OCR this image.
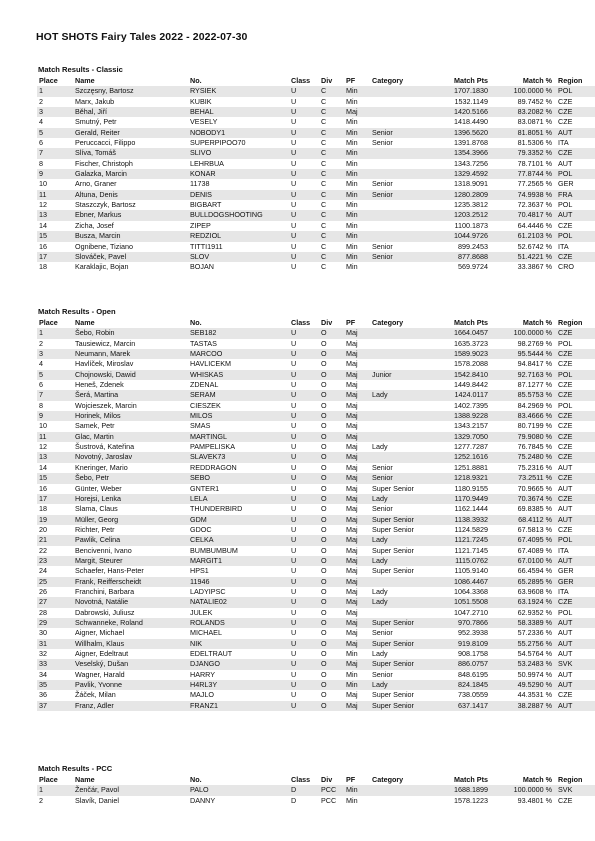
HOT SHOTS Fairy Tales 2022 - 2022-07-30
Match Results - Classic
Place	Name	No.	Class	Div	PF	Category	Match Pts	Match %	Region
1	Szczęsny, Bartosz	RYSIEK	U	C	Min		1707.1830	100.0000 %	POL
2	Marx, Jakub	KUBIK	U	C	Min		1532.1149	89.7452 %	CZE
3	Běhal, Jiří	BEHAL	U	C	Maj		1420.5166	83.2082 %	CZE
4	Smutný, Petr	VESELY	U	C	Min		1418.4490	83.0871 %	CZE
5	Gerald, Reiter	NOBODY1	U	C	Min	Senior	1396.5620	81.8051 %	AUT
6	Peruccacci, Filippo	SUPERPIPOO70	U	C	Min	Senior	1391.8768	81.5306 %	ITA
7	Slíva, Tomáš	SLIVO	U	C	Min		1354.3966	79.3352 %	CZE
8	Fischer, Christoph	LEHRBUA	U	C	Min		1343.7256	78.7101 %	AUT
9	Galazka, Marcin	KONAR	U	C	Min		1329.4592	77.8744 %	POL
10	Arno, Graner	11738	U	C	Min	Senior	1318.9091	77.2565 %	GER
11	Altuna, Denis	DENIS	U	C	Min	Senior	1280.2809	74.9938 %	FRA
12	Staszczyk, Bartosz	BIGBART	U	C	Min		1235.3812	72.3637 %	POL
13	Ebner, Markus	BULLDOGSHOOTING	U	C	Min		1203.2512	70.4817 %	AUT
14	Zicha, Josef	ZIPEP	U	C	Min		1100.1873	64.4446 %	CZE
15	Busza, Marcin	REDZIOL	U	C	Min		1044.9726	61.2103 %	POL
16	Ognibene, Tiziano	TITTI1911	U	C	Min	Senior	899.2453	52.6742 %	ITA
17	Slováček, Pavel	SLOV	U	C	Min	Senior	877.8688	51.4221 %	CZE
18	Karaklajic, Bojan	BOJAN	U	C	Min		569.9724	33.3867 %	CRO
Match Results - Open
Place	Name	No.	Class	Div	PF	Category	Match Pts	Match %	Region
1	Šebo, Robin	SEB182	U	O	Maj		1664.0457	100.0000 %	CZE
2	Tausiewicz, Marcin	TASTAS	U	O	Maj		1635.3723	98.2769 %	POL
3	Neumann, Marek	MARCOO	U	O	Maj		1589.9023	95.5444 %	CZE
4	Havlíček, Miroslav	HAVLICEKM	U	O	Maj		1578.2088	94.8417 %	CZE
5	Chojnowski, Dawid	WHISKAS	U	O	Maj	Junior	1542.8410	92.7163 %	POL
6	Heneš, Zdenek	ZDENAL	U	O	Maj		1449.8442	87.1277 %	CZE
7	Šerá, Martina	SERAM	U	O	Maj	Lady	1424.0117	85.5753 %	CZE
8	Wojcieszek, Marcin	CIESZEK	U	O	Maj		1402.7395	84.2969 %	POL
9	Horinek, Milos	MILOS	U	O	Maj		1388.9228	83.4666 %	CZE
10	Samek, Petr	SMAS	U	O	Maj		1343.2157	80.7199 %	CZE
11	Glac, Martin	MARTINGL	U	O	Maj		1329.7050	79.9080 %	CZE
12	Šustrová, Kateřina	PAMPELISKA	U	O	Maj	Lady	1277.7287	76.7845 %	CZE
13	Novotný, Jaroslav	SLAVEK73	U	O	Maj		1252.1616	75.2480 %	CZE
14	Kneringer, Mario	REDDRAGON	U	O	Maj	Senior	1251.8881	75.2316 %	AUT
15	Šebo, Petr	SEBO	U	O	Maj	Senior	1218.9321	73.2511 %	CZE
16	Günter, Weber	GNTER1	U	O	Maj	Super Senior	1180.9155	70.9665 %	AUT
17	Horejsi, Lenka	LELA	U	O	Maj	Lady	1170.9449	70.3674 %	CZE
18	Slama, Claus	THUNDERBIRD	U	O	Maj	Senior	1162.1444	69.8385 %	AUT
19	Müller, Georg	GDM	U	O	Maj	Super Senior	1138.3932	68.4112 %	AUT
20	Richter, Petr	GDOC	U	O	Maj	Super Senior	1124.5829	67.5813 %	CZE
21	Pawlik, Celina	CELKA	U	O	Maj	Lady	1121.7245	67.4095 %	POL
22	Bencivenni, Ivano	BUMBUMBUM	U	O	Maj	Super Senior	1121.7145	67.4089 %	ITA
23	Margit, Steurer	MARGIT1	U	O	Maj	Lady	1115.0762	67.0100 %	AUT
24	Schaefer, Hans-Peter	HPS1	U	O	Maj	Super Senior	1105.9140	66.4594 %	GER
25	Frank, Reifferscheidt	11946	U	O	Maj		1086.4467	65.2895 %	GER
26	Franchini, Barbara	LADYIPSC	U	O	Maj	Lady	1064.3368	63.9608 %	ITA
27	Novotná, Natálie	NATALIE02	U	O	Maj	Lady	1051.5508	63.1924 %	CZE
28	Dabrowski, Juliusz	JULEK	U	O	Maj		1047.2710	62.9352 %	POL
29	Schwanneke, Roland	ROLANDS	U	O	Maj	Super Senior	970.7866	58.3389 %	AUT
30	Aigner, Michael	MICHAEL	U	O	Maj	Senior	952.3938	57.2336 %	AUT
31	Willhalm, Klaus	NIK	U	O	Maj	Super Senior	919.8109	55.2756 %	AUT
32	Aigner, Edeltraut	EDELTRAUT	U	O	Min	Lady	908.1758	54.5764 %	AUT
33	Veselský, Dušan	DJANGO	U	O	Maj	Super Senior	886.0757	53.2483 %	SVK
34	Wagner, Harald	HARRY	U	O	Min	Senior	848.6195	50.9974 %	AUT
35	Pavlik, Yvonne	H4RL3Y	U	O	Min	Lady	824.1845	49.5290 %	AUT
36	Žáček, Milan	MAJLO	U	O	Maj	Super Senior	738.0559	44.3531 %	CZE
37	Franz, Adler	FRANZ1	U	O	Maj	Super Senior	637.1417	38.2887 %	AUT
Match Results - PCC
Place	Name	No.	Class	Div	PF	Category	Match Pts	Match %	Region
1	Ženčár, Pavol	PALO	D	PCC	Min		1688.1899	100.0000 %	SVK
2	Slavík, Daniel	DANNY	D	PCC	Min		1578.1223	93.4801 %	CZE
